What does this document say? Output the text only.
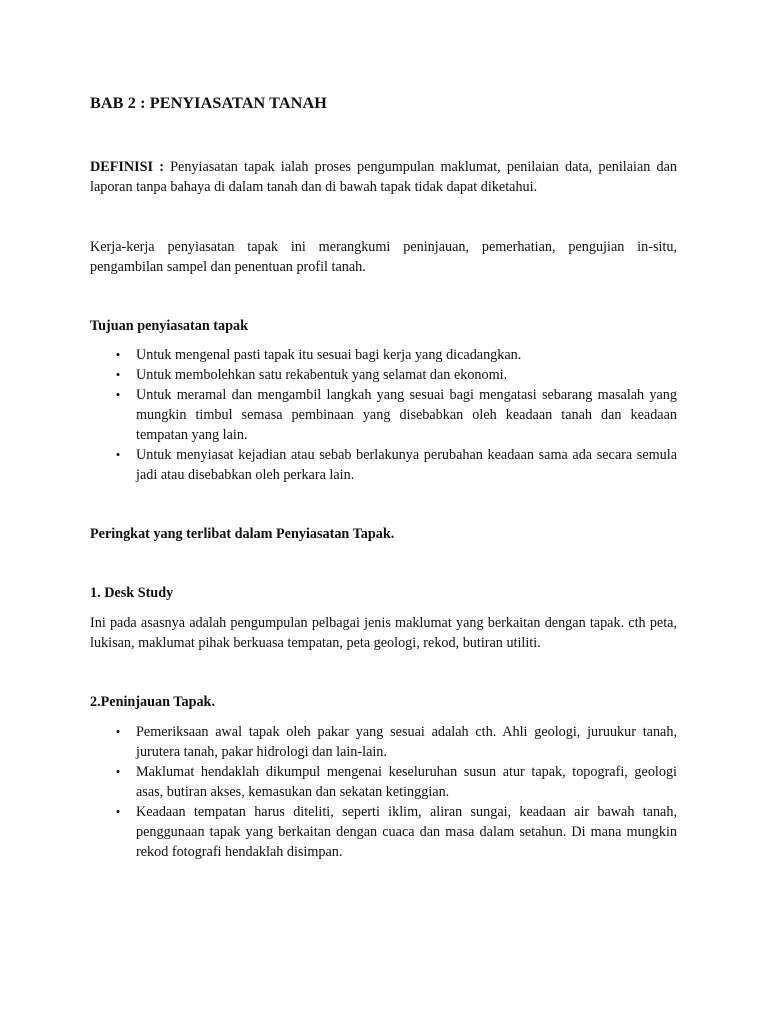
BAB 2 : PENYIASATAN TANAH
DEFINISI : Penyiasatan tapak ialah proses pengumpulan maklumat, penilaian data, penilaian dan laporan tanpa bahaya di dalam tanah dan di bawah tapak tidak dapat diketahui.
Kerja-kerja penyiasatan tapak ini merangkumi peninjauan, pemerhatian, pengujian in-situ, pengambilan sampel dan penentuan profil tanah.
Tujuan penyiasatan tapak
• Untuk mengenal pasti tapak itu sesuai bagi kerja yang dicadangkan.
• Untuk membolehkan satu rekabentuk yang selamat dan ekonomi.
• Untuk meramal dan mengambil langkah yang sesuai bagi mengatasi sebarang masalah yang mungkin timbul semasa pembinaan yang disebabkan oleh keadaan tanah dan keadaan tempatan yang lain.
• Untuk menyiasat kejadian atau sebab berlakunya perubahan keadaan sama ada secara semula jadi atau disebabkan oleh perkara lain.
Peringkat yang terlibat dalam Penyiasatan Tapak.
1. Desk Study
Ini pada asasnya adalah pengumpulan pelbagai jenis maklumat yang berkaitan dengan tapak. cth peta, lukisan, maklumat pihak berkuasa tempatan, peta geologi, rekod, butiran utiliti.
2.Peninjauan Tapak.
• Pemeriksaan awal tapak oleh pakar yang sesuai adalah cth. Ahli geologi, juruukur tanah, jurutera tanah, pakar hidrologi dan lain-lain.
• Maklumat hendaklah dikumpul mengenai keseluruhan susun atur tapak, topografi, geologi asas, butiran akses, kemasukan dan sekatan ketinggian.
• Keadaan tempatan harus diteliti, seperti iklim, aliran sungai, keadaan air bawah tanah, penggunaan tapak yang berkaitan dengan cuaca dan masa dalam setahun. Di mana mungkin rekod fotografi hendaklah disimpan.
